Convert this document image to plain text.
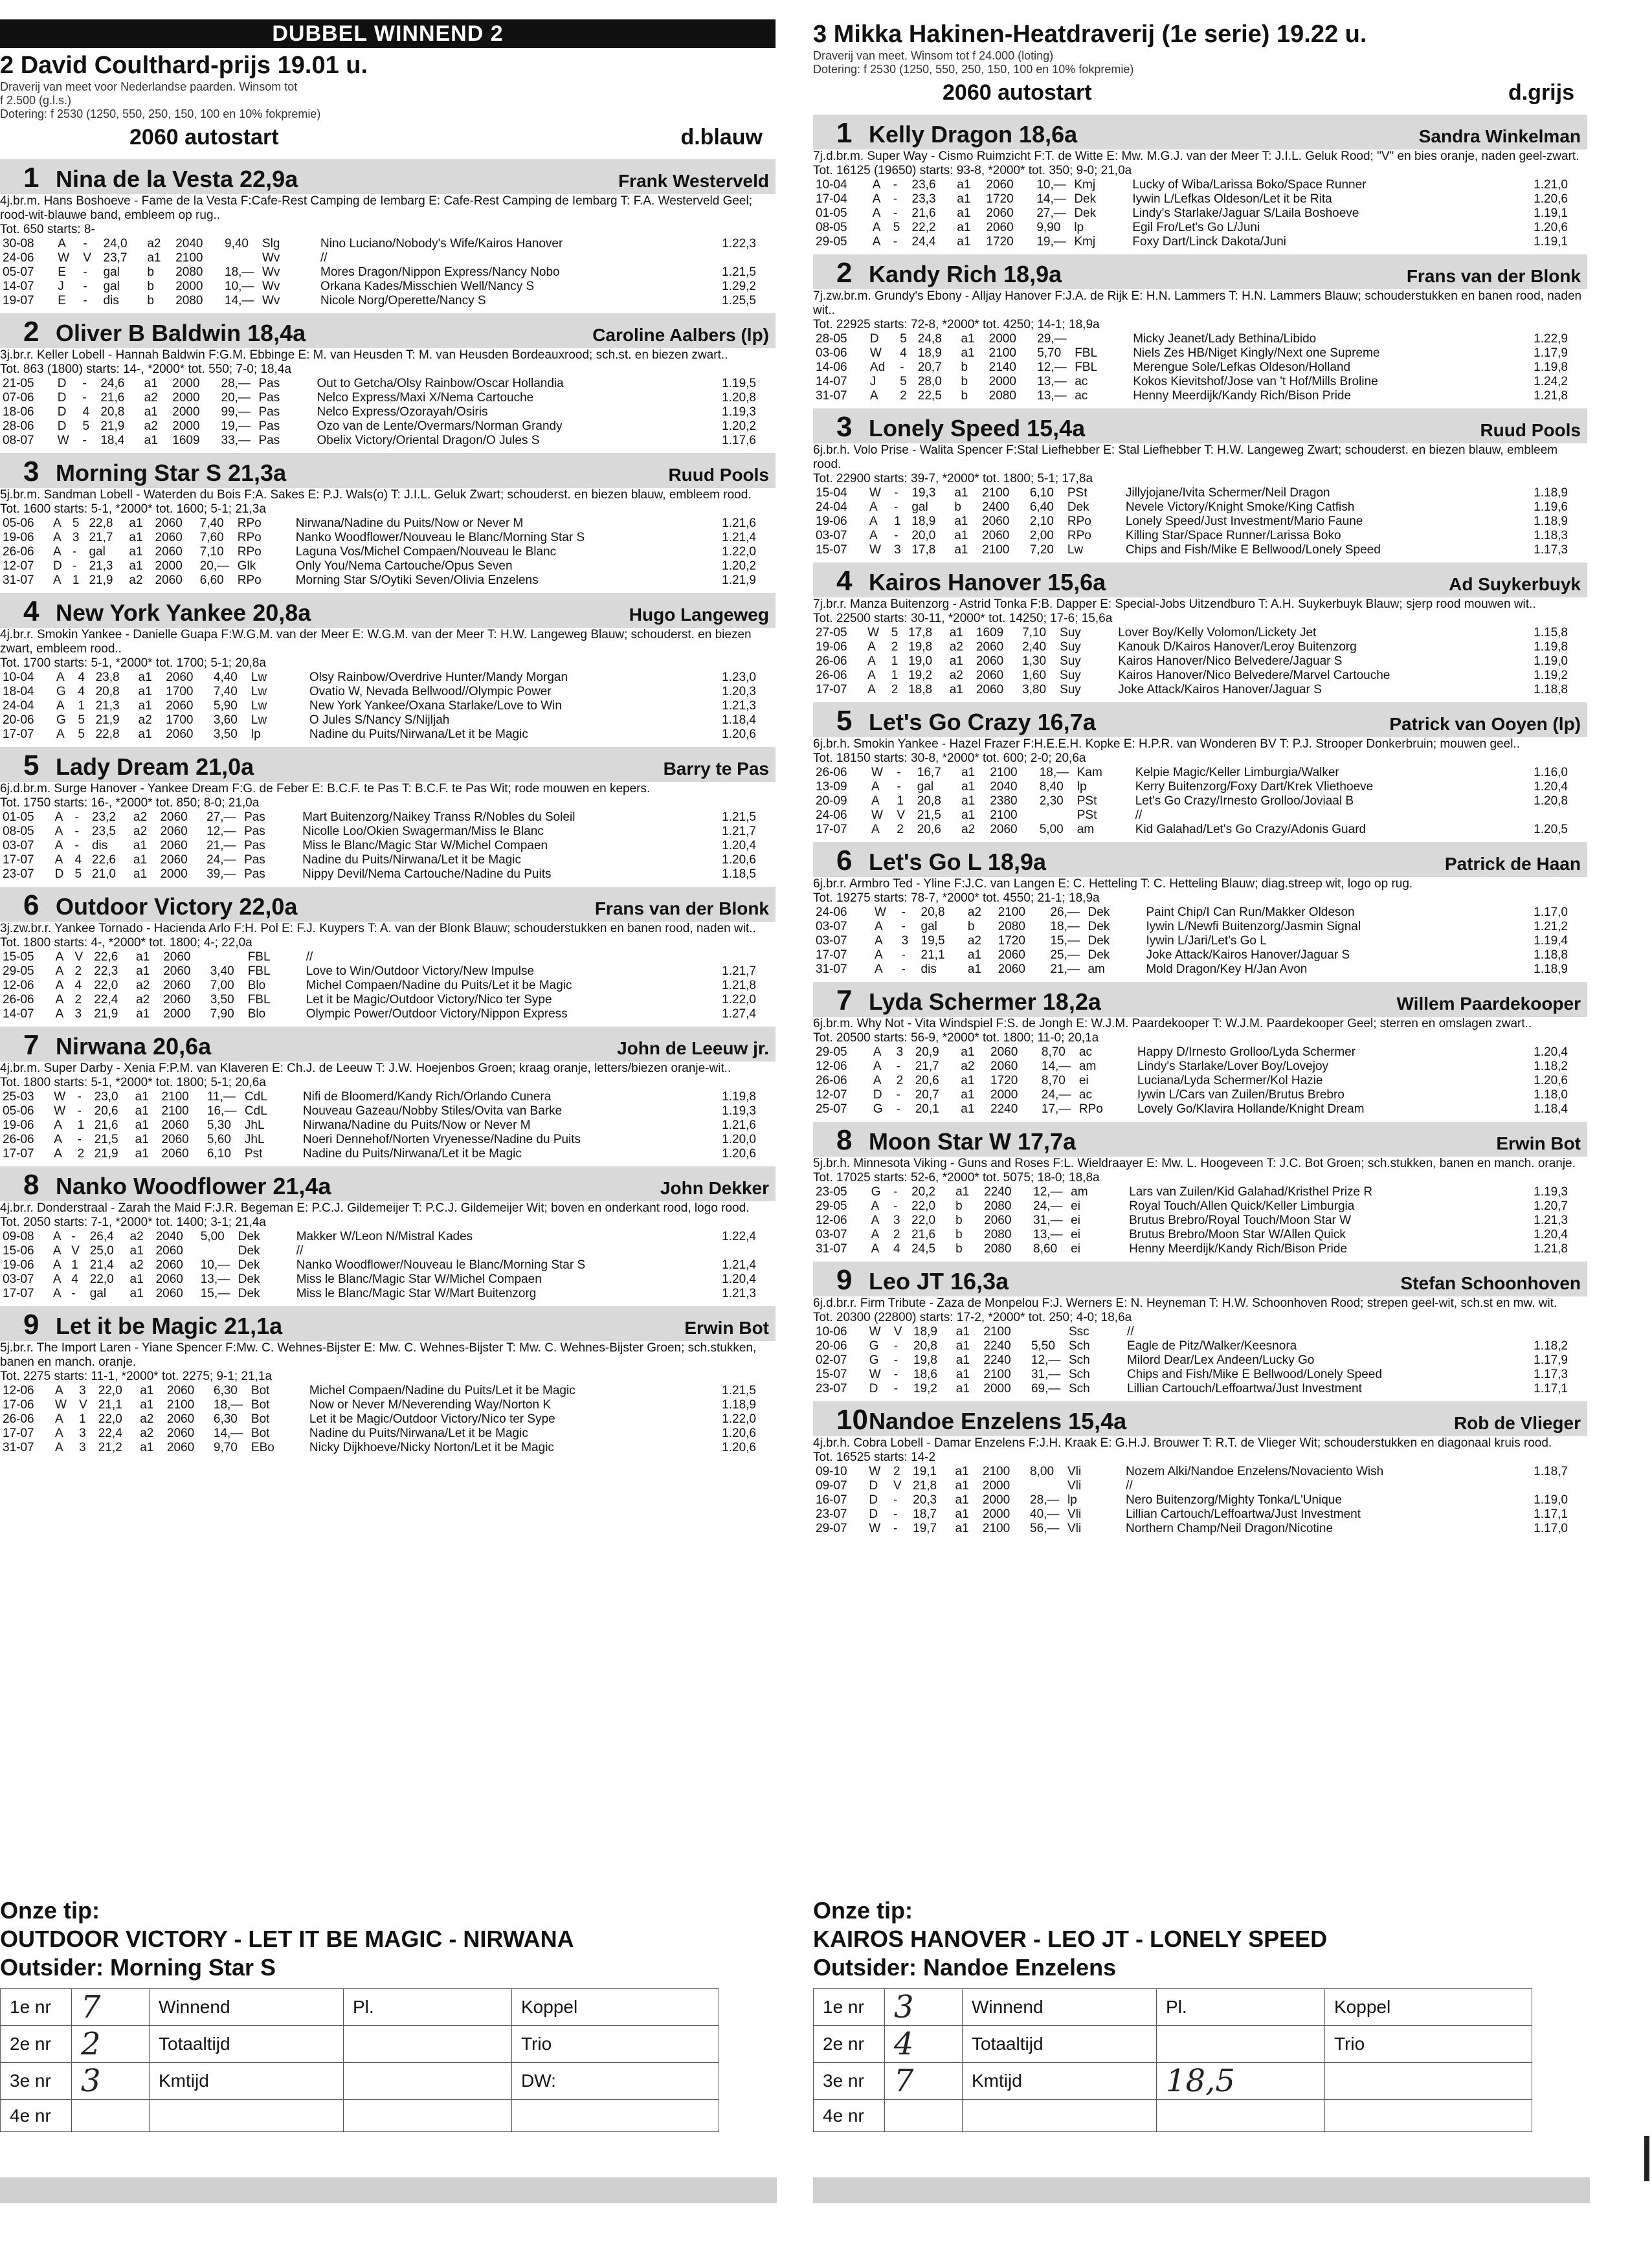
DUBBEL WINNEND 2
2 David Coulthard-prijs 19.01 u.
Draverij van meet voor Nederlandse paarden. Winsom tot
f 2.500 (g.l.s.)
Dotering: f 2530 (1250, 550, 250, 150, 100 en 10% fokpremie)
2060 autostart	d.blauw
1 Nina de la Vesta 22,9a	Frank Westerveld
4j.br.m. Hans Boshoeve - Fame de la Vesta F:Cafe-Rest Camping de Iembarg E: Cafe-Rest Camping de Iembarg T: F.A. Westerveld Geel; rood-wit-blauwe band, embleem op rug..
Tot. 650 starts: 8-
30-08	A	-	24,0	a2	2040	9,40	Slg	Nino Luciano/Nobody's Wife/Kairos Hanover	1.22,3
24-06	W	V	23,7	a1	2100		Wv	//	
05-07	E	-	gal	b	2080	18,—	Wv	Mores Dragon/Nippon Express/Nancy Nobo	1.21,5
14-07	J	-	gal	b	2000	10,—	Wv	Orkana Kades/Misschien Well/Nancy S	1.29,2
19-07	E	-	dis	b	2080	14,—	Wv	Nicole Norg/Operette/Nancy S	1.25,5
2 Oliver B Baldwin 18,4a	Caroline Aalbers (lp)
3j.br.r. Keller Lobell - Hannah Baldwin F:G.M. Ebbinge E: M. van Heusden T: M. van Heusden Bordeauxrood; sch.st. en biezen zwart..
Tot. 863 (1800) starts: 14-, *2000* tot. 550; 7-0; 18,4a
21-05	D	-	24,6	a1	2000	28,—	Pas	Out to Getcha/Olsy Rainbow/Oscar Hollandia	1.19,5
07-06	D	-	21,6	a2	2000	20,—	Pas	Nelco Express/Maxi X/Nema Cartouche	1.20,8
18-06	D	4	20,8	a1	2000	99,—	Pas	Nelco Express/Ozorayah/Osiris	1.19,3
28-06	D	5	21,9	a2	2000	19,—	Pas	Ozo van de Lente/Overmars/Norman Grandy	1.20,2
08-07	W	-	18,4	a1	1609	33,—	Pas	Obelix Victory/Oriental Dragon/O Jules S	1.17,6
3 Morning Star S 21,3a	Ruud Pools
5j.br.m. Sandman Lobell - Waterden du Bois F:A. Sakes E: P.J. Wals(o) T: J.I.L. Geluk Zwart; schouderst. en biezen blauw, embleem rood.
Tot. 1600 starts: 5-1, *2000* tot. 1600; 5-1; 21,3a
05-06	A	5	22,8	a1	2060	7,40	RPo	Nirwana/Nadine du Puits/Now or Never M	1.21,6
19-06	A	3	21,7	a1	2060	7,60	RPo	Nanko Woodflower/Nouveau le Blanc/Morning Star S	1.21,4
26-06	A	-	gal	a1	2060	7,10	RPo	Laguna Vos/Michel Compaen/Nouveau le Blanc	1.22,0
12-07	D	-	21,3	a1	2000	20,—	Glk	Only You/Nema Cartouche/Opus Seven	1.20,2
31-07	A	1	21,9	a2	2060	6,60	RPo	Morning Star S/Oytiki Seven/Olivia Enzelens	1.21,9
4 New York Yankee 20,8a	Hugo Langeweg
4j.br.r. Smokin Yankee - Danielle Guapa F:W.G.M. van der Meer E: W.G.M. van der Meer T: H.W. Langeweg Blauw; schouderst. en biezen zwart, embleem rood..
Tot. 1700 starts: 5-1, *2000* tot. 1700; 5-1; 20,8a
10-04	A	4	23,8	a1	2060	4,40	Lw	Olsy Rainbow/Overdrive Hunter/Mandy Morgan	1.23,0
18-04	G	4	20,8	a1	1700	7,40	Lw	Ovatio W, Nevada Bellwood//Olympic Power	1.20,3
24-04	A	1	21,3	a1	2060	5,90	Lw	New York Yankee/Oxana Starlake/Love to Win	1.21,3
20-06	G	5	21,9	a2	1700	3,60	Lw	O Jules S/Nancy S/Nijljah	1.18,4
17-07	A	5	22,8	a1	2060	3,50	lp	Nadine du Puits/Nirwana/Let it be Magic	1.20,6
5 Lady Dream 21,0a	Barry te Pas
6j.d.br.m. Surge Hanover - Yankee Dream F:G. de Feber E: B.C.F. te Pas T: B.C.F. te Pas Wit; rode mouwen en kepers.
Tot. 1750 starts: 16-, *2000* tot. 850; 8-0; 21,0a
01-05	A	-	23,2	a2	2060	27,—	Pas	Mart Buitenzorg/Naikey Transs R/Nobles du Soleil	1.21,5
08-05	A	-	23,5	a2	2060	12,—	Pas	Nicolle Loo/Okien Swagerman/Miss le Blanc	1.21,7
03-07	A	-	dis	a1	2060	21,—	Pas	Miss le Blanc/Magic Star W/Michel Compaen	1.20,4
17-07	A	4	22,6	a1	2060	24,—	Pas	Nadine du Puits/Nirwana/Let it be Magic	1.20,6
23-07	D	5	21,0	a1	2000	39,—	Pas	Nippy Devil/Nema Cartouche/Nadine du Puits	1.18,5
6 Outdoor Victory 22,0a	Frans van der Blonk
3j.zw.br.r. Yankee Tornado - Hacienda Arlo F:H. Pol E: F.J. Kuypers T: A. van der Blonk Blauw; schouderstukken en banen rood, naden wit..
Tot. 1800 starts: 4-, *2000* tot. 1800; 4-; 22,0a
15-05	A	V	22,6	a1	2060		FBL	//	
29-05	A	2	22,3	a1	2060	3,40	FBL	Love to Win/Outdoor Victory/New Impulse	1.21,7
12-06	A	4	22,0	a2	2060	7,00	Blo	Michel Compaen/Nadine du Puits/Let it be Magic	1.21,8
26-06	A	2	22,4	a2	2060	3,50	FBL	Let it be Magic/Outdoor Victory/Nico ter Sype	1.22,0
14-07	A	3	21,9	a1	2000	7,90	Blo	Olympic Power/Outdoor Victory/Nippon Express	1.27,4
7 Nirwana 20,6a	John de Leeuw jr.
4j.br.m. Super Darby - Xenia F:P.M. van Klaveren E: Ch.J. de Leeuw T: J.W. Hoejenbos Groen; kraag oranje, letters/biezen oranje-wit..
Tot. 1800 starts: 5-1, *2000* tot. 1800; 5-1; 20,6a
25-03	W	-	23,0	a1	2100	11,—	CdL	Nifi de Bloomerd/Kandy Rich/Orlando Cunera	1.19,8
05-06	W	-	20,6	a1	2100	16,—	CdL	Nouveau Gazeau/Nobby Stiles/Ovita van Barke	1.19,3
19-06	A	1	21,6	a1	2060	5,30	JhL	Nirwana/Nadine du Puits/Now or Never M	1.21,6
26-06	A	-	21,5	a1	2060	5,60	JhL	Noeri Dennehof/Norten Vryenesse/Nadine du Puits	1.20,0
17-07	A	2	21,9	a1	2060	6,10	Pst	Nadine du Puits/Nirwana/Let it be Magic	1.20,6
8 Nanko Woodflower 21,4a	John Dekker
4j.br.r. Donderstraal - Zarah the Maid F:J.R. Begeman E: P.C.J. Gildemeijer T: P.C.J. Gildemeijer Wit; boven en onderkant rood, logo rood.
Tot. 2050 starts: 7-1, *2000* tot. 1400; 3-1; 21,4a
09-08	A	-	26,4	a2	2040	5,00	Dek	Makker W/Leon N/Mistral Kades	1.22,4
15-06	A	V	25,0	a1	2060		Dek	//	
19-06	A	1	21,4	a2	2060	10,—	Dek	Nanko Woodflower/Nouveau le Blanc/Morning Star S	1.21,4
03-07	A	4	22,0	a1	2060	13,—	Dek	Miss le Blanc/Magic Star W/Michel Compaen	1.20,4
17-07	A	-	gal	a1	2060	15,—	Dek	Miss le Blanc/Magic Star W/Mart Buitenzorg	1.21,3
9 Let it be Magic 21,1a	Erwin Bot
5j.br.r. The Import Laren - Yiane Spencer F:Mw. C. Wehnes-Bijster E: Mw. C. Wehnes-Bijster T: Mw. C. Wehnes-Bijster Groen; sch.stukken, banen en manch. oranje.
Tot. 2275 starts: 11-1, *2000* tot. 2275; 9-1; 21,1a
12-06	A	3	22,0	a1	2060	6,30	Bot	Michel Compaen/Nadine du Puits/Let it be Magic	1.21,5
17-06	W	V	21,1	a1	2100	18,—	Bot	Now or Never M/Neverending Way/Norton K	1.18,9
26-06	A	1	22,0	a2	2060	6,30	Bot	Let it be Magic/Outdoor Victory/Nico ter Sype	1.22,0
17-07	A	3	22,4	a2	2060	14,—	Bot	Nadine du Puits/Nirwana/Let it be Magic	1.20,6
31-07	A	3	21,2	a1	2060	9,70	EBo	Nicky Dijkhoeve/Nicky Norton/Let it be Magic	1.20,6
3 Mikka Hakinen-Heatdraverij (1e serie) 19.22 u.
Draverij van meet. Winsom tot f 24.000 (loting)
Dotering: f 2530 (1250, 550, 250, 150, 100 en 10% fokpremie)
2060 autostart	d.grijs
1 Kelly Dragon 18,6a	Sandra Winkelman
7j.d.br.m. Super Way - Cismo Ruimzicht F:T. de Witte E: Mw. M.G.J. van der Meer T: J.I.L. Geluk Rood; "V" en bies oranje, naden geel-zwart.
Tot. 16125 (19650) starts: 93-8, *2000* tot. 350; 9-0; 21,0a
10-04	A	-	23,6	a1	2060	10,—	Kmj	Lucky of Wiba/Larissa Boko/Space Runner	1.21,0
17-04	A	-	23,3	a1	1720	14,—	Dek	Iywin L/Lefkas Oldeson/Let it be Rita	1.20,6
01-05	A	-	21,6	a1	2060	27,—	Dek	Lindy's Starlake/Jaguar S/Laila Boshoeve	1.19,1
08-05	A	5	22,2	a1	2060	9,90	lp	Egil Fro/Let's Go L/Juni	1.20,6
29-05	A	-	24,4	a1	1720	19,—	Kmj	Foxy Dart/Linck Dakota/Juni	1.19,1
2 Kandy Rich 18,9a	Frans van der Blonk
7j.zw.br.m. Grundy's Ebony - Alljay Hanover F:J.A. de Rijk E: H.N. Lammers T: H.N. Lammers Blauw; schouderstukken en banen rood, naden wit..
Tot. 22925 starts: 72-8, *2000* tot. 4250; 14-1; 18,9a
28-05	D	5	24,8	a1	2000	29,—		Micky Jeanet/Lady Bethina/Libido	1.22,9
03-06	W	4	18,9	a1	2100	5,70	FBL	Niels Zes HB/Niget Kingly/Next one Supreme	1.17,9
14-06	Ad	-	20,7	b	2140	12,—	FBL	Merengue Sole/Lefkas Oldeson/Holland	1.19,8
14-07	J	5	28,0	b	2000	13,—	ac	Kokos Kievitshof/Jose van 't Hof/Mills Broline	1.24,2
31-07	A	2	22,5	b	2080	13,—	ac	Henny Meerdijk/Kandy Rich/Bison Pride	1.21,8
3 Lonely Speed 15,4a	Ruud Pools
6j.br.h. Volo Prise - Walita Spencer F:Stal Liefhebber E: Stal Liefhebber T: H.W. Langeweg Zwart; schouderst. en biezen blauw, embleem rood.
Tot. 22900 starts: 39-7, *2000* tot. 1800; 5-1; 17,8a
15-04	W	-	19,3	a1	2100	6,10	PSt	Jillyjojane/Ivita Schermer/Neil Dragon	1.18,9
24-04	A	-	gal	b	2400	6,40	Dek	Nevele Victory/Knight Smoke/King Catfish	1.19,6
19-06	A	1	18,9	a1	2060	2,10	RPo	Lonely Speed/Just Investment/Mario Faune	1.18,9
03-07	A	-	20,0	a1	2060	2,00	RPo	Killing Star/Space Runner/Larissa Boko	1.18,3
15-07	W	3	17,8	a1	2100	7,20	Lw	Chips and Fish/Mike E Bellwood/Lonely Speed	1.17,3
4 Kairos Hanover 15,6a	Ad Suykerbuyk
7j.br.r. Manza Buitenzorg - Astrid Tonka F:B. Dapper E: Special-Jobs Uitzendburo T: A.H. Suykerbuyk Blauw; sjerp rood mouwen wit..
Tot. 22500 starts: 30-11, *2000* tot. 14250; 17-6; 15,6a
27-05	W	5	17,8	a1	1609	7,10	Suy	Lover Boy/Kelly Volomon/Lickety Jet	1.15,8
19-06	A	2	19,8	a2	2060	2,40	Suy	Kanouk D/Kairos Hanover/Leroy Buitenzorg	1.19,8
26-06	A	1	19,0	a1	2060	1,30	Suy	Kairos Hanover/Nico Belvedere/Jaguar S	1.19,0
26-06	A	1	19,2	a2	2060	1,60	Suy	Kairos Hanover/Nico Belvedere/Marvel Cartouche	1.19,2
17-07	A	2	18,8	a1	2060	3,80	Suy	Joke Attack/Kairos Hanover/Jaguar S	1.18,8
5 Let's Go Crazy 16,7a	Patrick van Ooyen (lp)
6j.br.h. Smokin Yankee - Hazel Frazer F:H.E.E.H. Kopke E: H.P.R. van Wonderen BV T: P.J. Strooper Donkerbruin; mouwen geel..
Tot. 18150 starts: 30-8, *2000* tot. 600; 2-0; 20,6a
26-06	W	-	16,7	a1	2100	18,—	Kam	Kelpie Magic/Keller Limburgia/Walker	1.16,0
13-09	A	-	gal	a1	2040	8,40	lp	Kerry Buitenzorg/Foxy Dart/Krek Vliethoeve	1.20,4
20-09	A	1	20,8	a1	2380	2,30	PSt	Let's Go Crazy/Irnesto Grolloo/Joviaal B	1.20,8
24-06	W	V	21,5	a1	2100		PSt	//	
17-07	A	2	20,6	a2	2060	5,00	am	Kid Galahad/Let's Go Crazy/Adonis Guard	1.20,5
6 Let's Go L 18,9a	Patrick de Haan
6j.br.r. Armbro Ted - Yline F:J.C. van Langen E: C. Hetteling T: C. Hetteling Blauw; diag.streep wit, logo op rug.
Tot. 19275 starts: 78-7, *2000* tot. 4550; 21-1; 18,9a
24-06	W	-	20,8	a2	2100	26,—	Dek	Paint Chip/I Can Run/Makker Oldeson	1.17,0
03-07	A	-	gal	b	2080	18,—	Dek	Iywin L/Newfi Buitenzorg/Jasmin Signal	1.21,2
03-07	A	3	19,5	a2	1720	15,—	Dek	Iywin L/Jari/Let's Go L	1.19,4
17-07	A	-	21,1	a1	2060	25,—	Dek	Joke Attack/Kairos Hanover/Jaguar S	1.18,8
31-07	A	-	dis	a1	2060	21,—	am	Mold Dragon/Key H/Jan Avon	1.18,9
7 Lyda Schermer 18,2a	Willem Paardekooper
6j.br.m. Why Not - Vita Windspiel F:S. de Jongh E: W.J.M. Paardekooper T: W.J.M. Paardekooper Geel; sterren en omslagen zwart..
Tot. 20500 starts: 56-9, *2000* tot. 1800; 11-0; 20,1a
29-05	A	3	20,9	a1	2060	8,70	ac	Happy D/Irnesto Grolloo/Lyda Schermer	1.20,4
12-06	A	-	21,7	a2	2060	14,—	am	Lindy's Starlake/Lover Boy/Lovejoy	1.18,2
26-06	A	2	20,6	a1	1720	8,70	ei	Luciana/Lyda Schermer/Kol Hazie	1.20,6
12-07	D	-	20,7	a1	2000	24,—	ac	Iywin L/Cars van Zuilen/Brutus Brebro	1.18,0
25-07	G	-	20,1	a1	2240	17,—	RPo	Lovely Go/Klavira Hollande/Knight Dream	1.18,4
8 Moon Star W 17,7a	Erwin Bot
5j.br.h. Minnesota Viking - Guns and Roses F:L. Wieldraayer E: Mw. L. Hoogeveen T: J.C. Bot Groen; sch.stukken, banen en manch. oranje.
Tot. 17025 starts: 52-6, *2000* tot. 5075; 18-0; 18,8a
23-05	G	-	20,2	a1	2240	12,—	am	Lars van Zuilen/Kid Galahad/Kristhel Prize R	1.19,3
29-05	A	-	22,0	b	2080	24,—	ei	Royal Touch/Allen Quick/Keller Limburgia	1.20,7
12-06	A	3	22,0	b	2060	31,—	ei	Brutus Brebro/Royal Touch/Moon Star W	1.21,3
03-07	A	2	21,6	b	2080	13,—	ei	Brutus Brebro/Moon Star W/Allen Quick	1.20,4
31-07	A	4	24,5	b	2080	8,60	ei	Henny Meerdijk/Kandy Rich/Bison Pride	1.21,8
9 Leo JT 16,3a	Stefan Schoonhoven
6j.d.br.r. Firm Tribute - Zaza de Monpelou F:J. Werners E: N. Heyneman T: H.W. Schoonhoven Rood; strepen geel-wit, sch.st en mw. wit.
Tot. 20300 (22800) starts: 17-2, *2000* tot. 250; 4-0; 18,6a
10-06	W	V	18,9	a1	2100		Ssc	//	
20-06	G	-	20,8	a1	2240	5,50	Sch	Eagle de Pitz/Walker/Keesnora	1.18,2
02-07	G	-	19,8	a1	2240	12,—	Sch	Milord Dear/Lex Andeen/Lucky Go	1.17,9
15-07	W	-	18,6	a1	2100	31,—	Sch	Chips and Fish/Mike E Bellwood/Lonely Speed	1.17,3
23-07	D	-	19,2	a1	2000	69,—	Sch	Lillian Cartouch/Leffoartwa/Just Investment	1.17,1
10 Nandoe Enzelens 15,4a	Rob de Vlieger
4j.br.h. Cobra Lobell - Damar Enzelens F:J.H. Kraak E: G.H.J. Brouwer T: R.T. de Vlieger Wit; schouderstukken en diagonaal kruis rood.
Tot. 16525 starts: 14-2
09-10	W	2	19,1	a1	2100	8,00	Vli	Nozem Alki/Nandoe Enzelens/Novaciento Wish	1.18,7
09-07	D	V	21,8	a1	2000		Vli	//	
16-07	D	-	20,3	a1	2000	28,—	lp	Nero Buitenzorg/Mighty Tonka/L'Unique	1.19,0
23-07	D	-	18,7	a1	2000	40,—	Vli	Lillian Cartouch/Leffoartwa/Just Investment	1.17,1
29-07	W	-	19,7	a1	2100	56,—	Vli	Northern Champ/Neil Dragon/Nicotine	1.17,0
Onze tip:
OUTDOOR VICTORY - LET IT BE MAGIC - NIRWANA
Outsider: Morning Star S
1e nr	7	Winnend	Pl.	Koppel
2e nr	2	Totaaltijd		Trio
3e nr	3	Kmtijd		DW:
4e nr				
Onze tip:
KAIROS HANOVER - LEO JT - LONELY SPEED
Outsider: Nandoe Enzelens
1e nr	3	Winnend	Pl.	Koppel
2e nr	4	Totaaltijd		Trio
3e nr	7	Kmtijd	18,5	
4e nr				
